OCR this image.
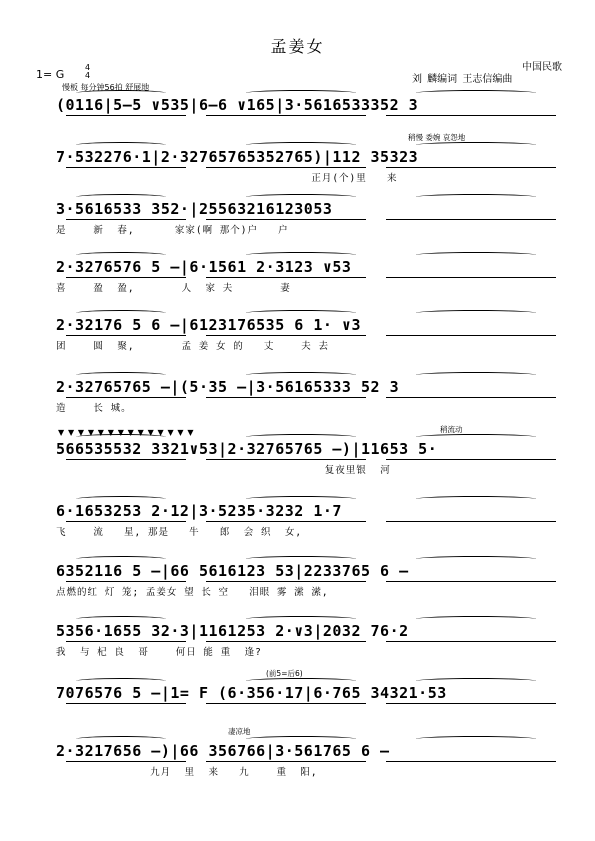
孟姜女
中国民歌
刘 麟编词 王志信编曲
1= G
4
4
慢板 每分钟56拍 舒展地
(0116|5—5 ∨535|6—6 ∨165|3·5616533352 3
7·532276·1|2·32765765352765)|112 35323
正月(个)里   来
稍慢 委婉 哀怨地
3·5616533 352·|25563216123053
是    新  春,      家家(啊 那个)户   户
2·3276576 5 —|6·1561 2·3123 ∨53
喜    盈  盈,       人  家 夫       妻
2·32176 5 6 —|6123176535 6 1· ∨3
团    圆  聚,       孟 姜 女 的   丈    夫 去
2·32765765 —|(5·35 —|3·56165333 52 3
造    长 城。
566535532 3321∨53|2·32765765 —)|11653 5·
复夜里银  河
稍流动
▼▼▼▼▼▼▼▼▼▼▼▼▼▼
6·1653253 2·12|3·5235·3232 1·7
飞    流   星, 那是   牛   郎  会 织  女,
6352116 5 —|66 5616123 53|2233765 6 —
点燃的红 灯 笼; 孟姜女 望 长 空   泪眼 雾 潆 潆,
5356·1655 32·3|1161253 2·∨3|2032 76·2
我  与 杞 良  哥    何日 能 重  逢?
7076576 5 —|1= F (6·356·17|6·765 34321·53
(前5=后6)
2·3217656 —)|66 356766|3·561765 6 —
九月  里  来   九    重  阳,
凄凉地
